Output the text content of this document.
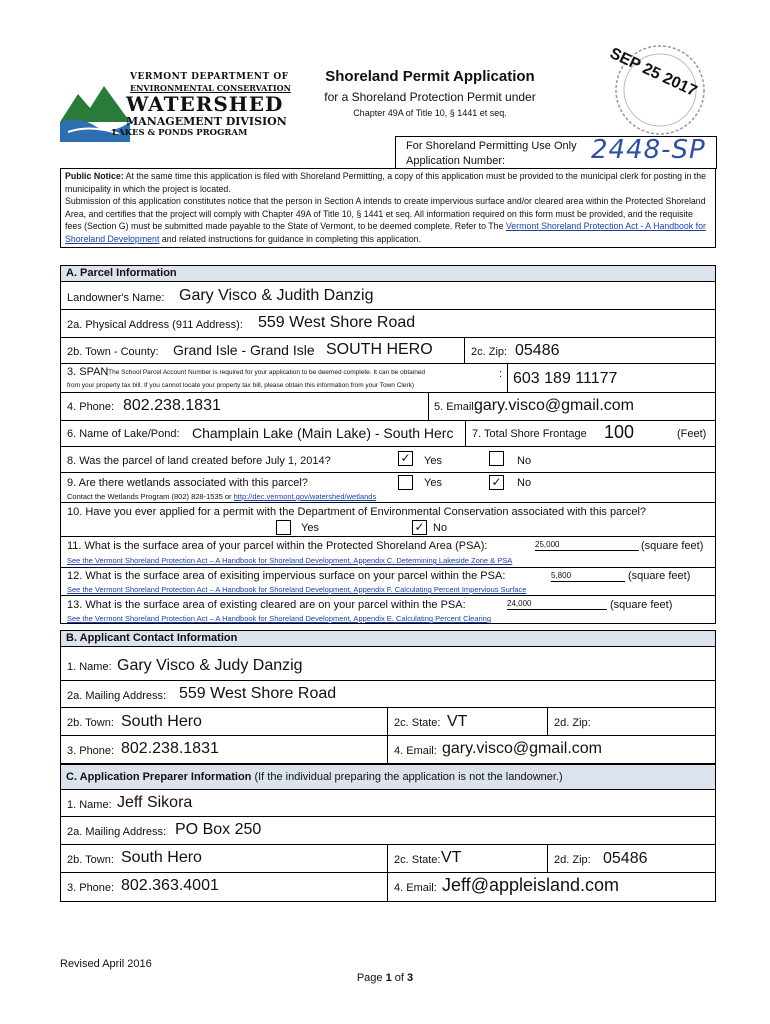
VERMONT DEPARTMENT OF
ENVIRONMENTAL CONSERVATION
WATERSHED
MANAGEMENT DIVISION
LAKES & PONDS PROGRAM
Shoreland Permit Application
for a Shoreland Protection Permit under
Chapter 49A of Title 10, § 1441 et seq.
SEP 25 2017
For Shoreland Permitting Use Only
Application Number:	2448-SP
Public Notice: At the same time this application is filed with Shoreland Permitting, a copy of this application must be provided to the municipal clerk for posting in the municipality in which the project is located.
Submission of this application constitutes notice that the person in Section A intends to create impervious surface and/or cleared area within the Protected Shoreland Area, and certifies that the project will comply with Chapter 49A of Title 10, § 1441 et seq. All information required on this form must be provided, and the requisite fees (Section G) must be submitted made payable to the State of Vermont, to be deemed complete. Refer to The Vermont Shoreland Protection Act - A Handbook for Shoreland Development and related instructions for guidance in completing this application.
A. Parcel Information
Landowner's Name: Gary Visco & Judith Danzig
2a. Physical Address (911 Address): 559 West Shore Road
2b. Town - County: Grand Isle - Grand Isle SOUTH HERO	2c. Zip: 05486
3. SPAN
(The School Parcel Account Number is required for your application to be deemed complete. It can be obtained
from your property tax bill. If you cannot locate your property tax bill, please obtain this information from your Town Clerk)
: 603 189 11177
4. Phone: 802.238.1831	5. Email:
gary.visco@gmail.com
6. Name of Lake/Pond: Champlain Lake (Main Lake) - South Herc 7. Total Shore Frontage 100	(Feet)
8. Was the parcel of land created before July 1, 2014?	✓ Yes	No
9. Are there wetlands associated with this parcel?	Yes	✓ No
Contact the Wetlands Program (802) 828-1535 or http://dec.vermont.gov/watershed/wetlands
10. Have you ever applied for a permit with the Department of Environmental Conservation associated with this parcel?
Yes	✓ No
11. What is the surface area of your parcel within the Protected Shoreland Area (PSA):	25,000	(square feet)
See the Vermont Shoreland Protection Act – A Handbook for Shoreland Development, Appendix C. Determining Lakeside Zone & PSA
12. What is the surface area of exisiting impervious surface on your parcel within the PSA:	5,800	(square feet)
See the Vermont Shoreland Protection Act – A Handbook for Shoreland Development, Appendix F. Calculating Percent Impervious Surface
13. What is the surface area of existing cleared are on your parcel within the PSA:	24,000	(square feet)
See the Vermont Shoreland Protection Act – A Handbook for Shoreland Development, Appendix E. Calculating Percent Clearing
B. Applicant Contact Information
1. Name: Gary Visco & Judy Danzig
2a. Mailing Address: 559 West Shore Road
2b. Town: South Hero	2c. State: VT	2d. Zip:
3. Phone: 802.238.1831	4. Email: gary.visco@gmail.com
C. Application Preparer Information (If the individual preparing the application is not the landowner.)
1. Name: Jeff Sikora
2a. Mailing Address: PO Box 250
2b. Town: South Hero	2c. State: VT	2d. Zip: 05486
3. Phone: 802.363.4001	4. Email: Jeff@appleisland.com
Revised April 2016
Page 1 of 3
